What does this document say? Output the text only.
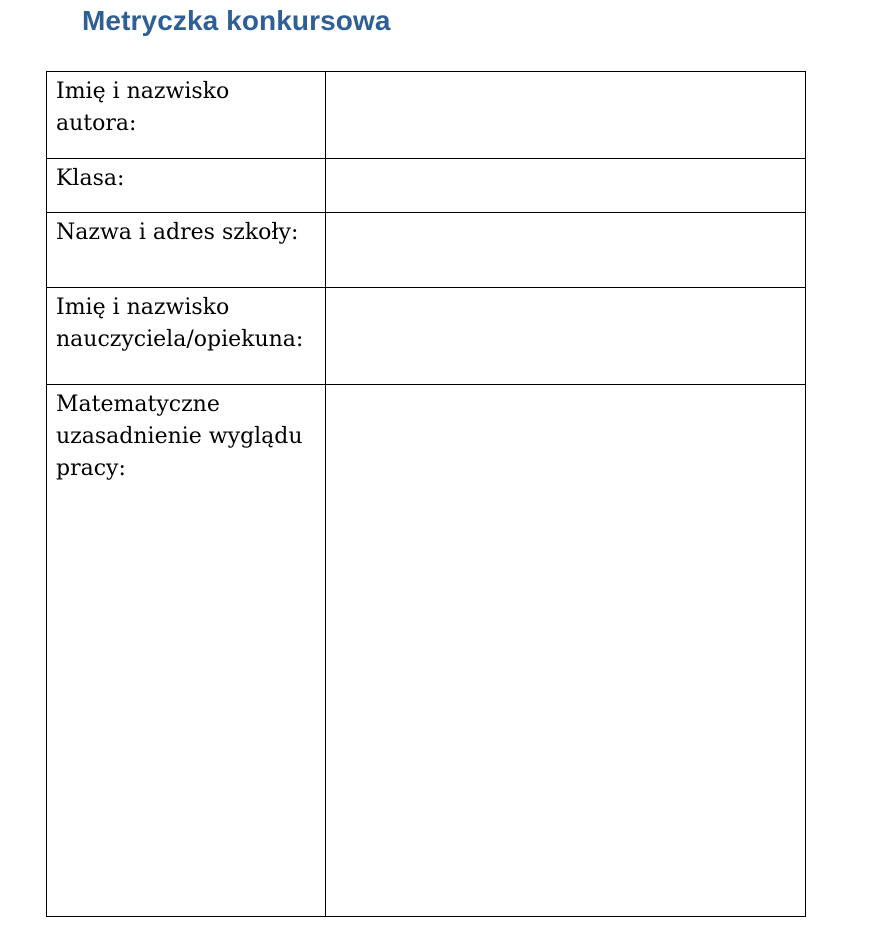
Metryczka konkursowa
Imię i nazwisko autora:	
Klasa:	
Nazwa i adres szkoły:	
Imię i nazwisko nauczyciela/opiekuna:	
Matematyczne uzasadnienie wyglądu pracy:	
